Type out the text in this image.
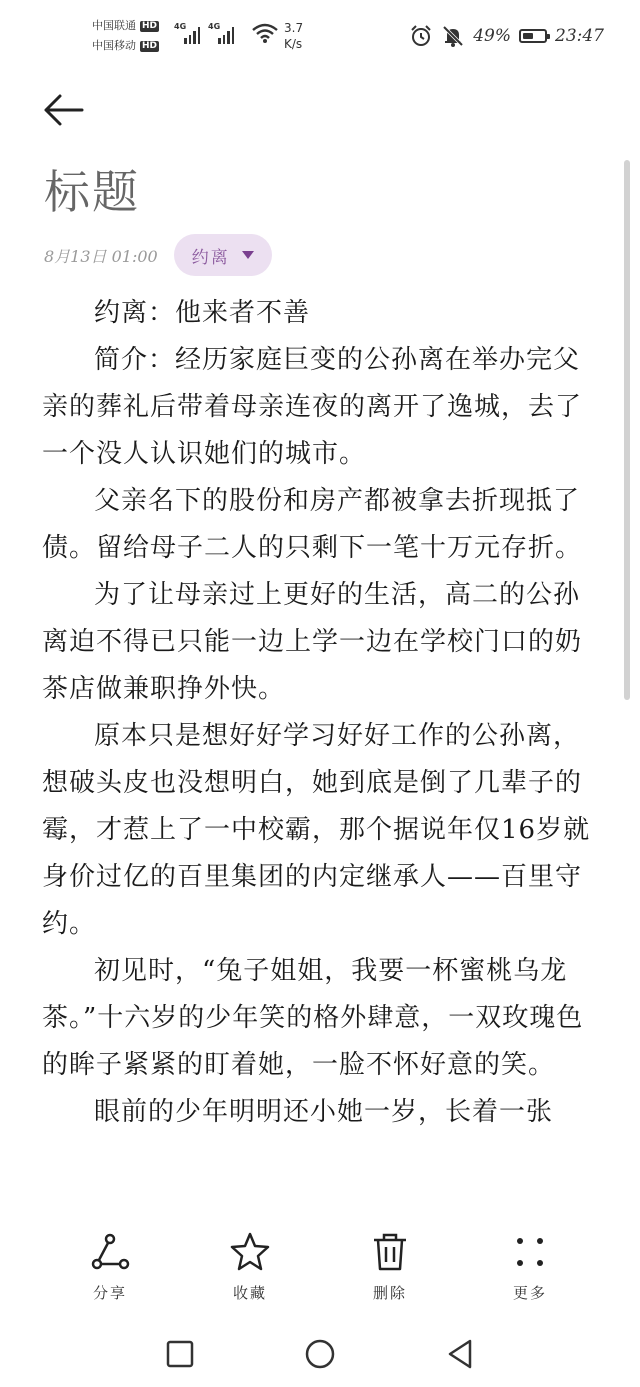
中国联通 HD
中国移动 HD
4G	4G	3.7
K/s	49%	23:47
标题
8月13日 01:00 约离

约离：他来者不善

简介：经历家庭巨变的公孙离在举办完父亲的葬礼后带着母亲连夜的离开了逸城，去了一个没人认识她们的城市。

父亲名下的股份和房产都被拿去折现抵了债。留给母子二人的只剩下一笔十万元存折。

为了让母亲过上更好的生活，高二的公孙离迫不得已只能一边上学一边在学校门口的奶茶店做兼职挣外快。

原本只是想好好学习好好工作的公孙离，想破头皮也没想明白，她到底是倒了几辈子的霉，才惹上了一中校霸，那个据说年仅16岁就身价过亿的百里集团的内定继承人——百里守约。

初见时，“兔子姐姐，我要一杯蜜桃乌龙茶。”十六岁的少年笑的格外肆意，一双玫瑰色的眸子紧紧的盯着她，一脸不怀好意的笑。

眼前的少年明明还小她一岁，长着一张

分享	收藏	删除	更多
